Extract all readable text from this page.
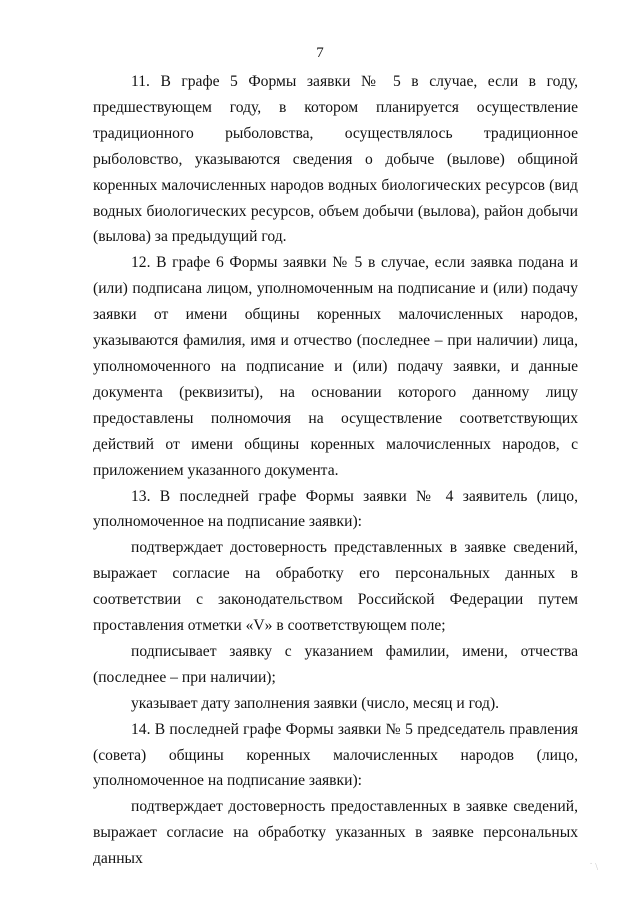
7

11. В графе 5 Формы заявки № 5 в случае, если в году, предшествующем году, в котором планируется осуществление традиционного рыболовства, осуществлялось традиционное рыболовство, указываются сведения о добыче (вылове) общиной коренных малочисленных народов водных биологических ресурсов (вид водных биологических ресурсов, объем добычи (вылова), район добычи (вылова) за предыдущий год.

12. В графе 6 Формы заявки № 5 в случае, если заявка подана и (или) подписана лицом, уполномоченным на подписание и (или) подачу заявки от имени общины коренных малочисленных народов, указываются фамилия, имя и отчество (последнее – при наличии) лица, уполномоченного на подписание и (или) подачу заявки, и данные документа (реквизиты), на основании которого данному лицу предоставлены полномочия на осуществление соответствующих действий от имени общины коренных малочисленных народов, с приложением указанного документа.

13. В последней графе Формы заявки № 4 заявитель (лицо, уполномоченное на подписание заявки):

подтверждает достоверность представленных в заявке сведений, выражает согласие на обработку его персональных данных в соответствии с законодательством Российской Федерации путем проставления отметки «V» в соответствующем поле;

подписывает заявку с указанием фамилии, имени, отчества (последнее – при наличии);

указывает дату заполнения заявки (число, месяц и год).

14. В последней графе Формы заявки № 5 председатель правления (совета) общины коренных малочисленных народов (лицо, уполномоченное на подписание заявки):

подтверждает достоверность предоставленных в заявке сведений, выражает согласие на обработку указанных в заявке персональных данных

˙ \
